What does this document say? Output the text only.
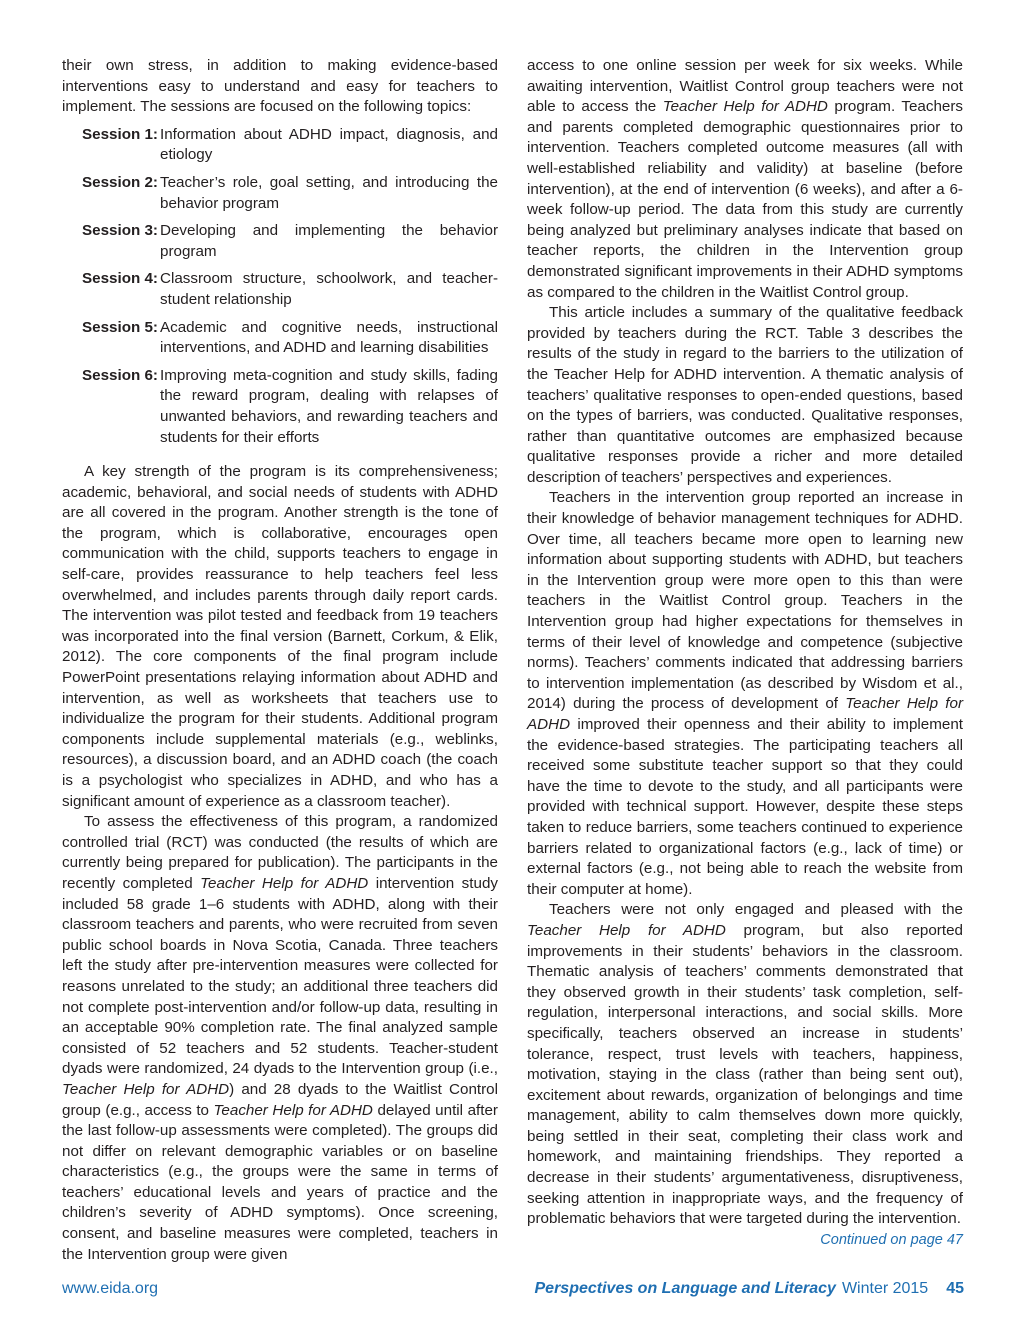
their own stress, in addition to making evidence-based interventions easy to understand and easy for teachers to implement. The sessions are focused on the following topics:

Session 1: Information about ADHD impact, diagnosis, and etiology
Session 2: Teacher’s role, goal setting, and introducing the behavior program
Session 3: Developing and implementing the behavior program
Session 4: Classroom structure, schoolwork, and teacher-student relationship
Session 5: Academic and cognitive needs, instructional interventions, and ADHD and learning disabilities
Session 6: Improving meta-cognition and study skills, fading the reward program, dealing with relapses of unwanted behaviors, and rewarding teachers and students for their efforts

A key strength of the program is its comprehensiveness; academic, behavioral, and social needs of students with ADHD are all covered in the program. Another strength is the tone of the program, which is collaborative, encourages open communication with the child, supports teachers to engage in self-care, provides reassurance to help teachers feel less overwhelmed, and includes parents through daily report cards. The intervention was pilot tested and feedback from 19 teachers was incorporated into the final version (Barnett, Corkum, & Elik, 2012). The core components of the final program include PowerPoint presentations relaying information about ADHD and intervention, as well as worksheets that teachers use to individualize the program for their students. Additional program components include supplemental materials (e.g., weblinks, resources), a discussion board, and an ADHD coach (the coach is a psychologist who specializes in ADHD, and who has a significant amount of experience as a classroom teacher).

To assess the effectiveness of this program, a randomized controlled trial (RCT) was conducted (the results of which are currently being prepared for publication). The participants in the recently completed Teacher Help for ADHD intervention study included 58 grade 1–6 students with ADHD, along with their classroom teachers and parents, who were recruited from seven public school boards in Nova Scotia, Canada. Three teachers left the study after pre-intervention measures were collected for reasons unrelated to the study; an additional three teachers did not complete post-intervention and/or follow-up data, resulting in an acceptable 90% completion rate. The final analyzed sample consisted of 52 teachers and 52 students. Teacher-student dyads were randomized, 24 dyads to the Intervention group (i.e., Teacher Help for ADHD) and 28 dyads to the Waitlist Control group (e.g., access to Teacher Help for ADHD delayed until after the last follow-up assessments were completed). The groups did not differ on relevant demographic variables or on baseline characteristics (e.g., the groups were the same in terms of teachers’ educational levels and years of practice and the children’s severity of ADHD symptoms). Once screening, consent, and baseline measures were completed, teachers in the Intervention group were given

access to one online session per week for six weeks. While awaiting intervention, Waitlist Control group teachers were not able to access the Teacher Help for ADHD program. Teachers and parents completed demographic questionnaires prior to intervention. Teachers completed outcome measures (all with well-established reliability and validity) at baseline (before intervention), at the end of intervention (6 weeks), and after a 6-week follow-up period. The data from this study are currently being analyzed but preliminary analyses indicate that based on teacher reports, the children in the Intervention group demonstrated significant improvements in their ADHD symptoms as compared to the children in the Waitlist Control group.

This article includes a summary of the qualitative feedback provided by teachers during the RCT. Table 3 describes the results of the study in regard to the barriers to the utilization of the Teacher Help for ADHD intervention. A thematic analysis of teachers’ qualitative responses to open-ended questions, based on the types of barriers, was conducted. Qualitative responses, rather than quantitative outcomes are emphasized because qualitative responses provide a richer and more detailed description of teachers’ perspectives and experiences.

Teachers in the intervention group reported an increase in their knowledge of behavior management techniques for ADHD. Over time, all teachers became more open to learning new information about supporting students with ADHD, but teachers in the Intervention group were more open to this than were teachers in the Waitlist Control group. Teachers in the Intervention group had higher expectations for themselves in terms of their level of knowledge and competence (subjective norms). Teachers’ comments indicated that addressing barriers to intervention implementation (as described by Wisdom et al., 2014) during the process of development of Teacher Help for ADHD improved their openness and their ability to implement the evidence-based strategies. The participating teachers all received some substitute teacher support so that they could have the time to devote to the study, and all participants were provided with technical support. However, despite these steps taken to reduce barriers, some teachers continued to experience barriers related to organizational factors (e.g., lack of time) or external factors (e.g., not being able to reach the website from their computer at home).

Teachers were not only engaged and pleased with the Teacher Help for ADHD program, but also reported improvements in their students’ behaviors in the classroom. Thematic analysis of teachers’ comments demonstrated that they observed growth in their students’ task completion, self-regulation, interpersonal interactions, and social skills. More specifically, teachers observed an increase in students’ tolerance, respect, trust levels with teachers, happiness, motivation, staying in the class (rather than being sent out), excitement about rewards, organization of belongings and time management, ability to calm themselves down more quickly, being settled in their seat, completing their class work and homework, and maintaining friendships. They reported a decrease in their students’ argumentativeness, disruptiveness, seeking attention in inappropriate ways, and the frequency of problematic behaviors that were targeted during the intervention.

Continued on page 47

www.eida.org	Perspectives on Language and Literacy Winter 2015 45
